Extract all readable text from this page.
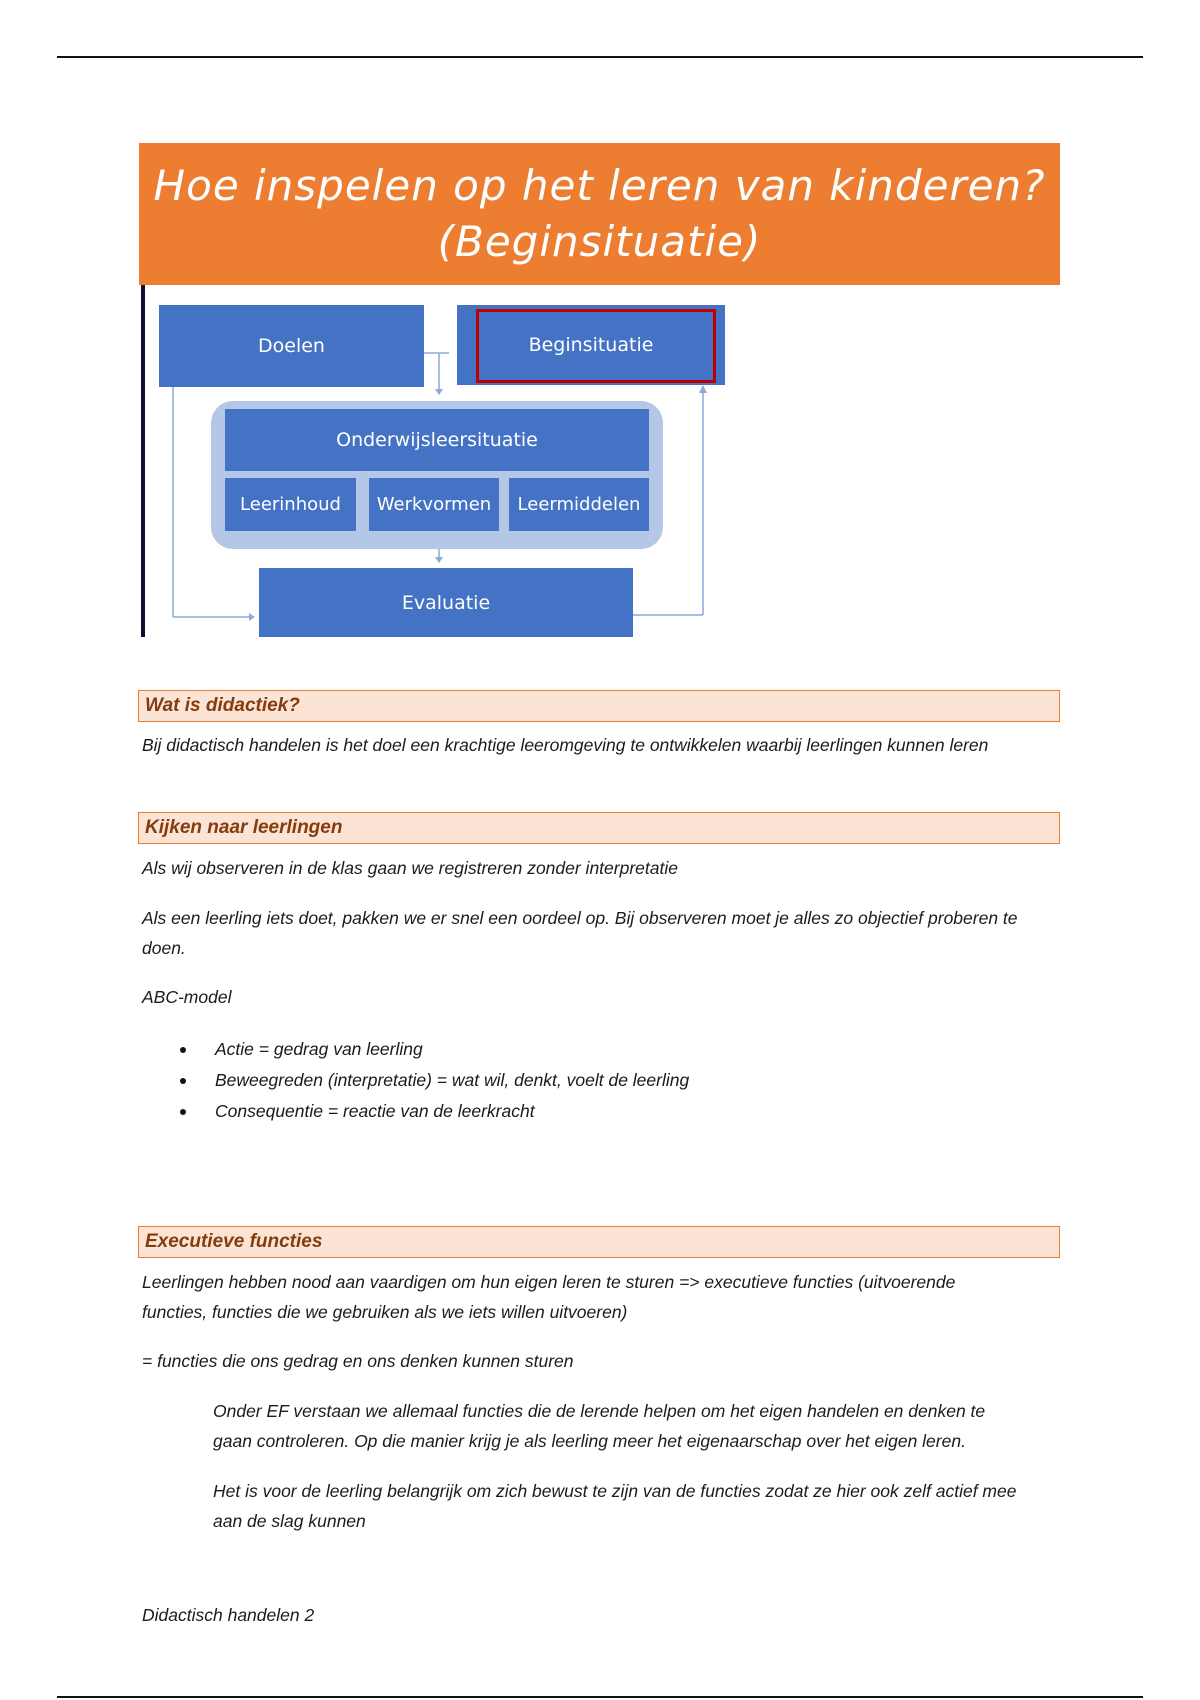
Hoe inspelen op het leren van kinderen?
(Beginsituatie)
Doelen	Beginsituatie
Onderwijsleersituatie
Leerinhoud	Werkvormen	Leermiddelen
Evaluatie
Wat is didactiek?
Bij didactisch handelen is het doel een krachtige leeromgeving te ontwikkelen waarbij leerlingen kunnen leren
Kijken naar leerlingen
Als wij observeren in de klas gaan we registreren zonder interpretatie
Als een leerling iets doet, pakken we er snel een oordeel op. Bij observeren moet je alles zo objectief proberen te
doen.
ABC-model
Actie = gedrag van leerling
Beweegreden (interpretatie) = wat wil, denkt, voelt de leerling
Consequentie = reactie van de leerkracht
Executieve functies
Leerlingen hebben nood aan vaardigen om hun eigen leren te sturen => executieve functies (uitvoerende
functies, functies die we gebruiken als we iets willen uitvoeren)
= functies die ons gedrag en ons denken kunnen sturen
Onder EF verstaan we allemaal functies die de lerende helpen om het eigen handelen en denken te
gaan controleren. Op die manier krijg je als leerling meer het eigenaarschap over het eigen leren.
Het is voor de leerling belangrijk om zich bewust te zijn van de functies zodat ze hier ook zelf actief mee
aan de slag kunnen
Didactisch handelen 2
